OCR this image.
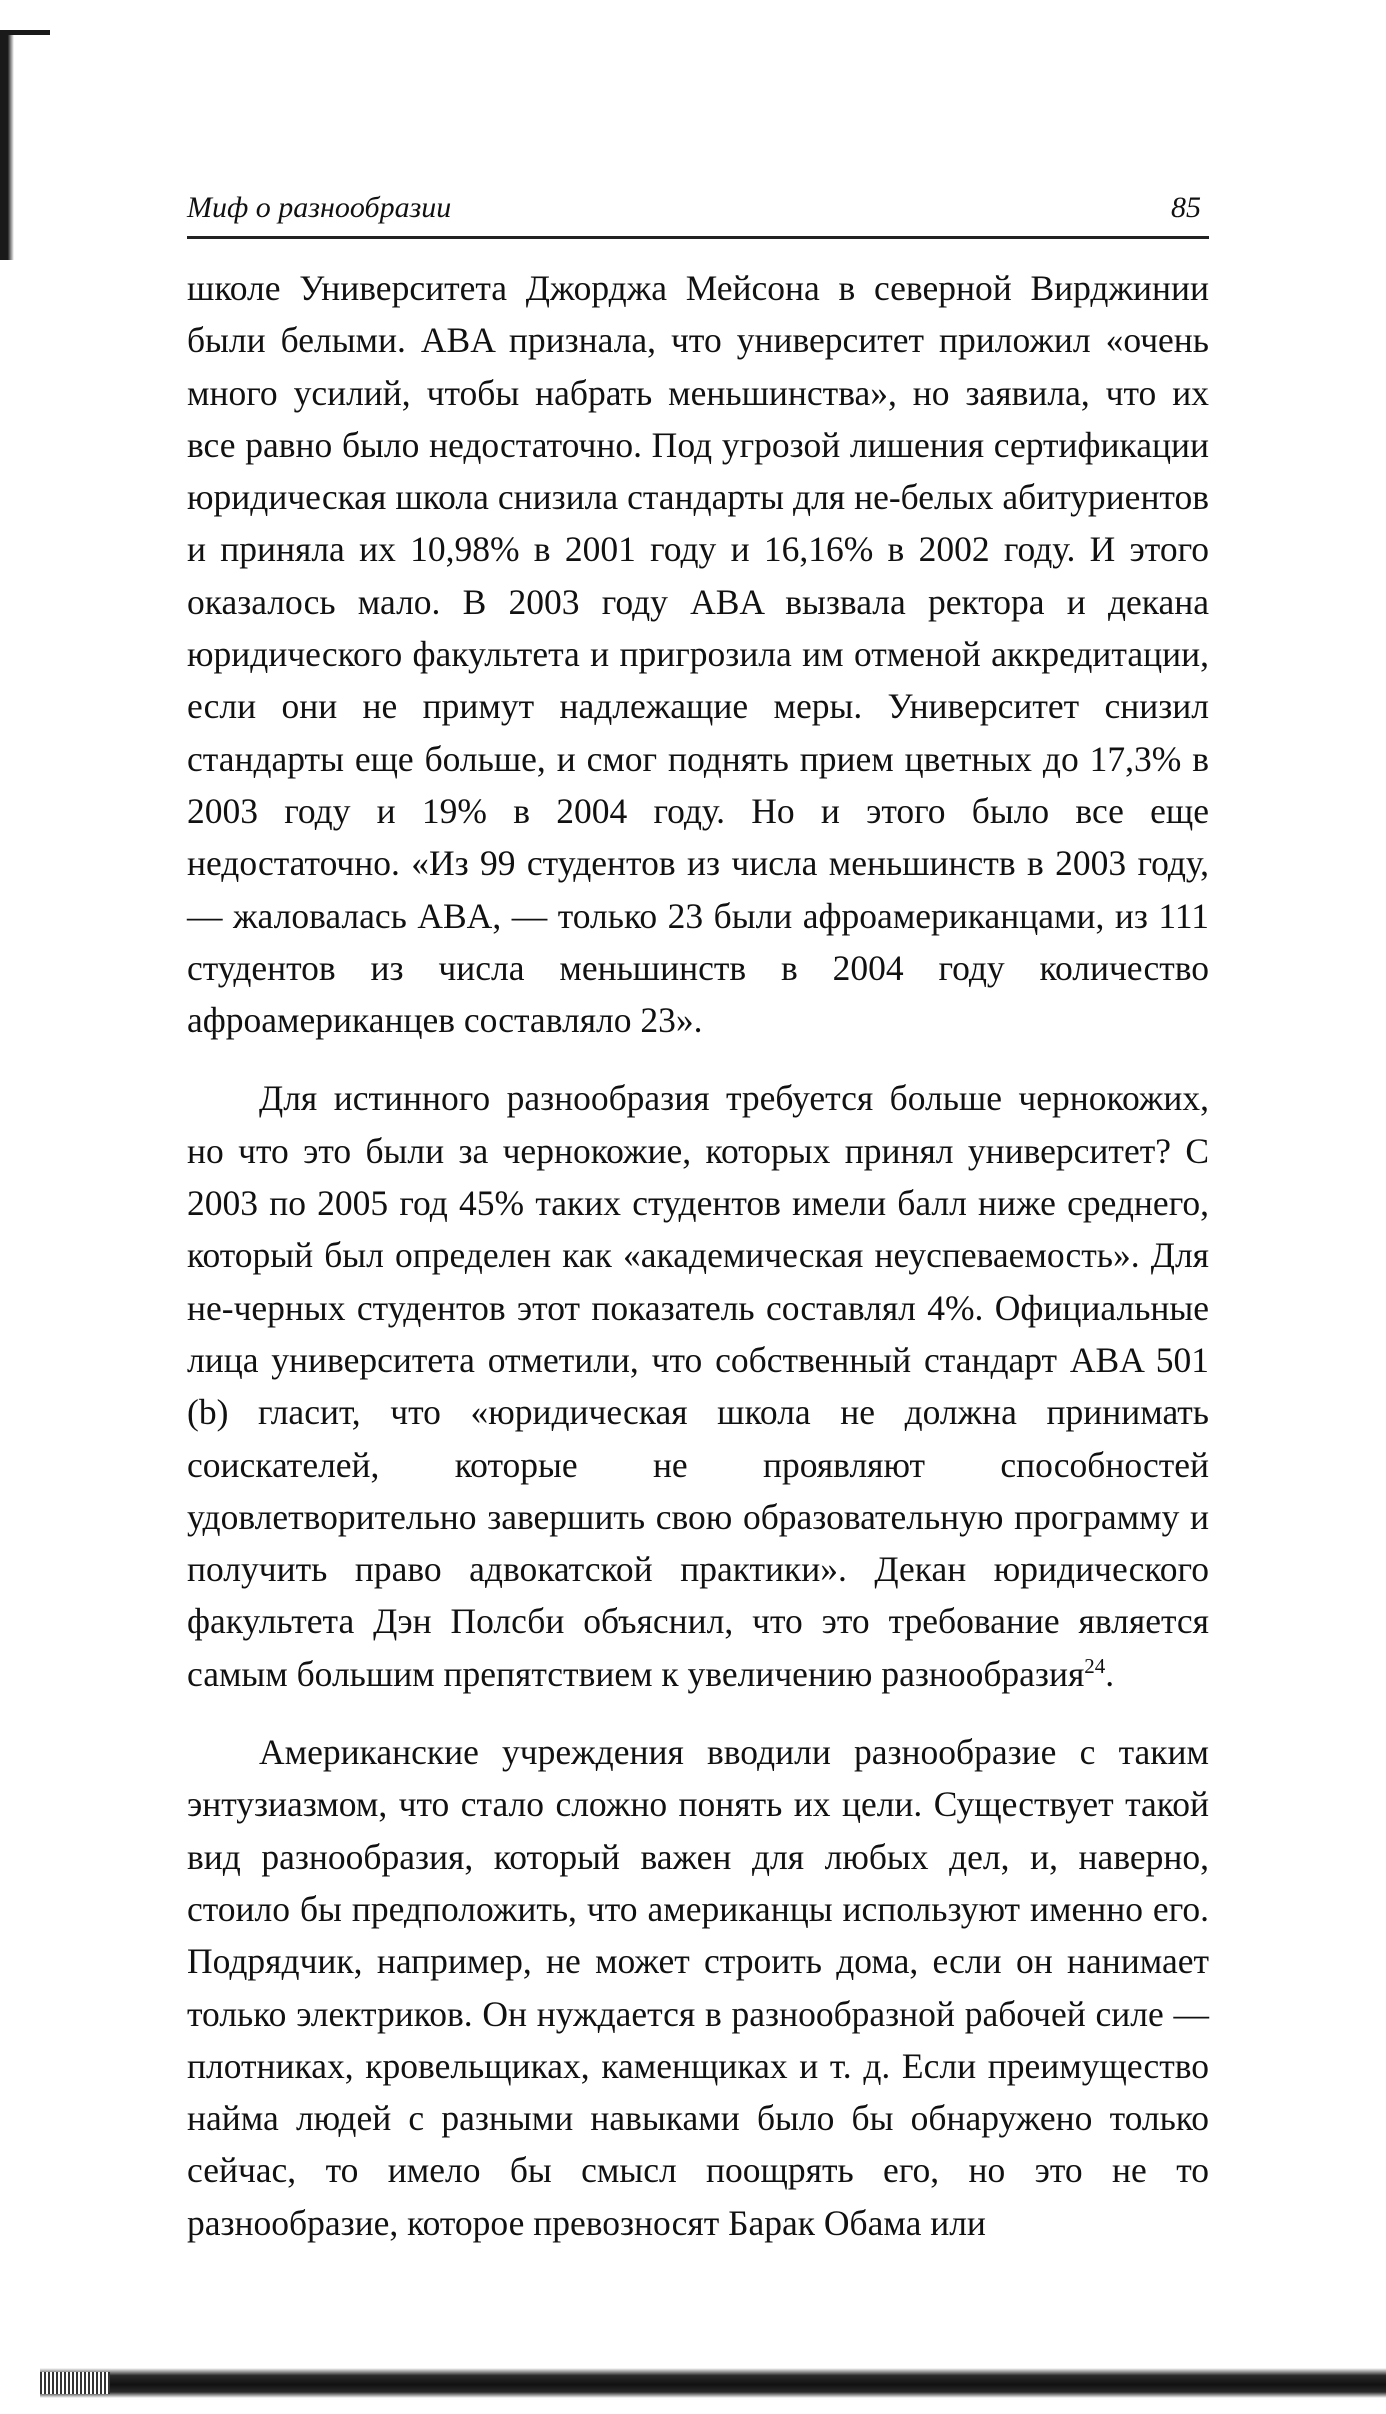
Миф о разнообразии	85

школе Университета Джорджа Мейсона в северной Вирджинии были белыми. ABA признала, что университет приложил «очень много усилий, чтобы набрать меньшинства», но заявила, что их все равно было недостаточно. Под угрозой лишения сертификации юридическая школа снизила стандарты для не-белых абитуриентов и приняла их 10,98% в 2001 году и 16,16% в 2002 году. И этого оказалось мало. В 2003 году ABA вызвала ректора и декана юридического факультета и пригрозила им отменой аккредитации, если они не примут надлежащие меры. Университет снизил стандарты еще больше, и смог поднять прием цветных до 17,3% в 2003 году и 19% в 2004 году. Но и этого было все еще недостаточно. «Из 99 студентов из числа меньшинств в 2003 году, — жаловалась ABA, — только 23 были афроамериканцами, из 111 студентов из числа меньшинств в 2004 году количество афроамериканцев составляло 23».

Для истинного разнообразия требуется больше чернокожих, но что это были за чернокожие, которых принял университет? С 2003 по 2005 год 45% таких студентов имели балл ниже среднего, который был определен как «академическая неуспеваемость». Для не-черных студентов этот показатель составлял 4%. Официальные лица университета отметили, что собственный стандарт ABA 501 (b) гласит, что «юридическая школа не должна принимать соискателей, которые не проявляют способностей удовлетворительно завершить свою образовательную программу и получить право адвокатской практики». Декан юридического факультета Дэн Полсби объяснил, что это требование является самым большим препятствием к увеличению разнообразия$^{24}$.

Американские учреждения вводили разнообразие с таким энтузиазмом, что стало сложно понять их цели. Существует такой вид разнообразия, который важен для любых дел, и, наверно, стоило бы предположить, что американцы используют именно его. Подрядчик, например, не может строить дома, если он нанимает только электриков. Он нуждается в разнообразной рабочей силе — плотниках, кровельщиках, каменщиках и т. д. Если преимущество найма людей с разными навыками было бы обнаружено только сейчас, то имело бы смысл поощрять его, но это не то разнообразие, которое превозносят Барак Обама или
